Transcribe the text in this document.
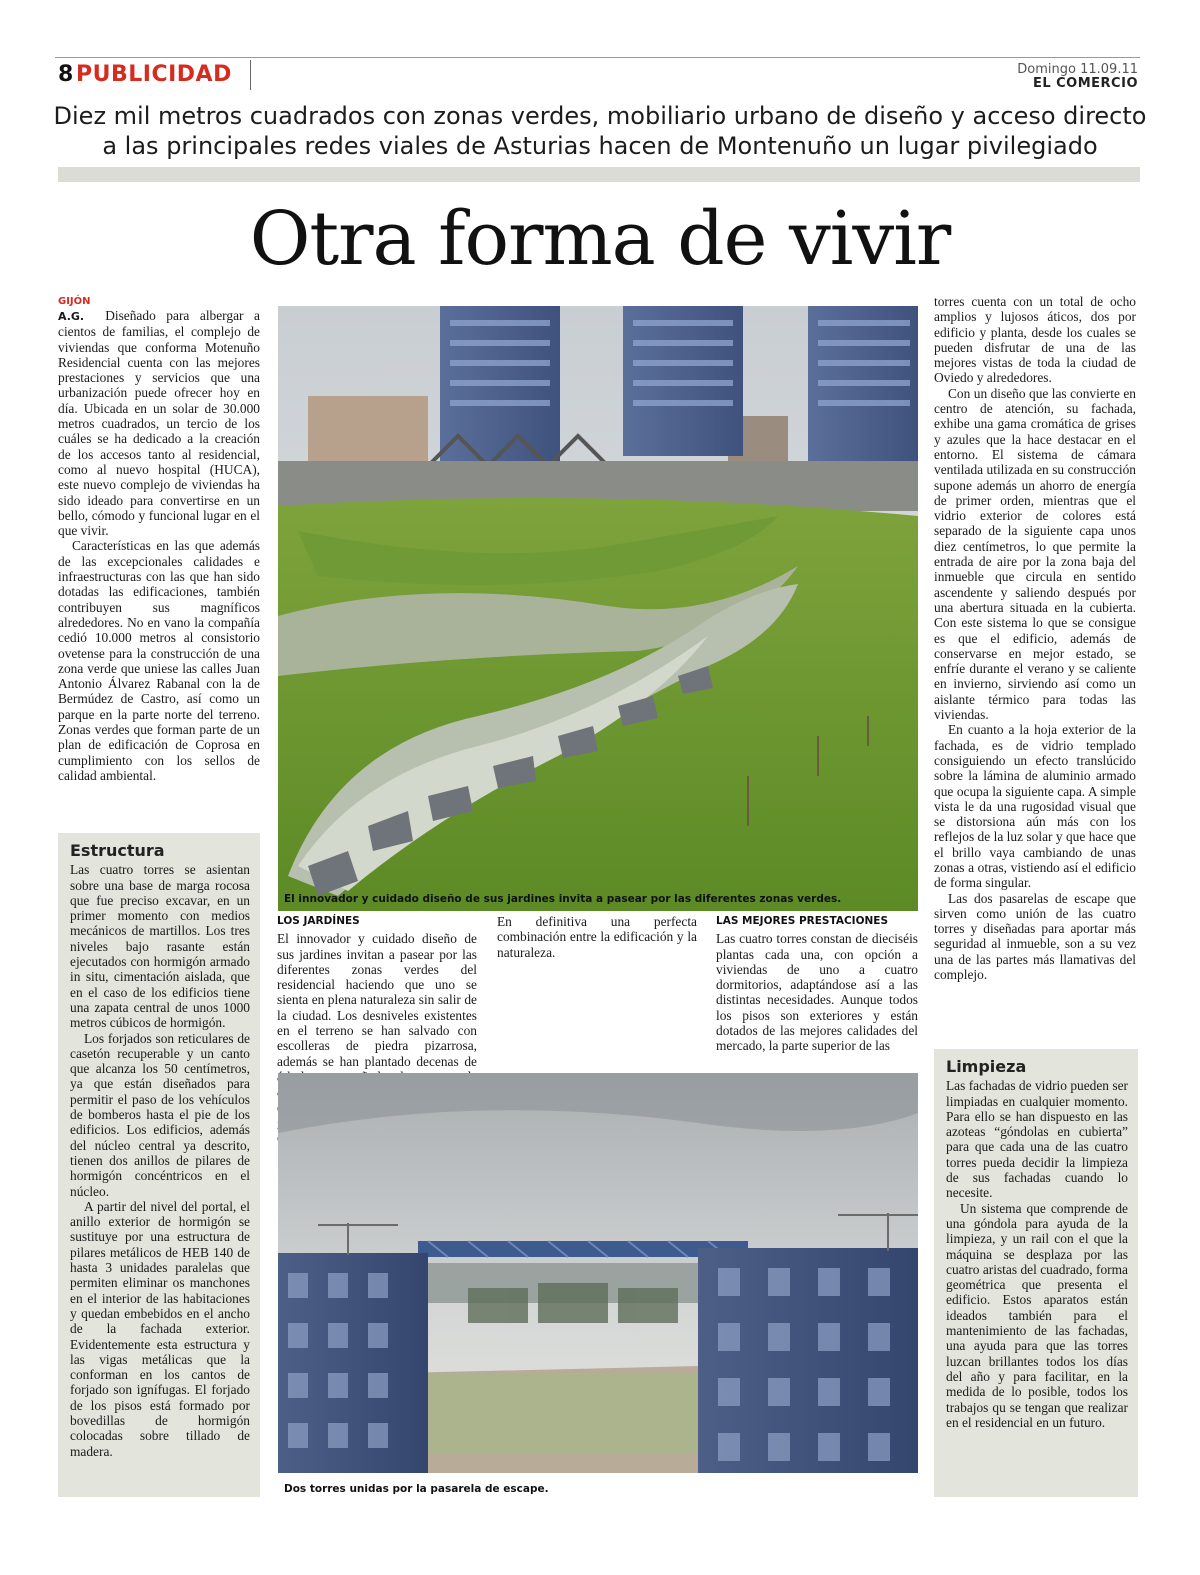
8 PUBLICIDAD	Domingo 11.09.11
EL COMERCIO
Diez mil metros cuadrados con zonas verdes, mobiliario urbano de diseño y acceso directo
a las principales redes viales de Asturias hacen de Montenuño un lugar pivilegiado
Otra forma de vivir
GIJÓN

A.G. Diseñado para albergar a cientos de familias, el complejo de viviendas que conforma Motenuño Residencial cuenta con las mejores prestaciones y servicios que una urbanización puede ofrecer hoy en día. Ubicada en un solar de 30.000 metros cuadrados, un tercio de los cuáles se ha dedicado a la creación de los accesos tanto al residencial, como al nuevo hospital (HUCA), este nuevo complejo de viviendas ha sido ideado para convertirse en un bello, cómodo y funcional lugar en el que vivir.

Características en las que además de las excepcionales calidades e infraestructuras con las que han sido dotadas las edificaciones, también contribuyen sus magníficos alrededores. No en vano la compañía cedió 10.000 metros al consistorio ovetense para la construcción de una zona verde que uniese las calles Juan Antonio Álvarez Rabanal con la de Bermúdez de Castro, así como un parque en la parte norte del terreno. Zonas verdes que forman parte de un plan de edificación de Coprosa en cumplimiento con los sellos de calidad ambiental.

Estructura

Las cuatro torres se asientan sobre una base de marga rocosa que fue preciso excavar, en un primer momento con medios mecánicos de martillos. Los tres niveles bajo rasante están ejecutados con hormigón armado in situ, cimentación aislada, que en el caso de los edificios tiene una zapata central de unos 1000 metros cúbicos de hormigón.

Los forjados son reticulares de casetón recuperable y un canto que alcanza los 50 centímetros, ya que están diseñados para permitir el paso de los vehículos de bomberos hasta el pie de los edificios. Los edificios, además del núcleo central ya descrito, tienen dos anillos de pilares de hormigón concéntricos en el núcleo.

A partir del nivel del portal, el anillo exterior de hormigón se sustituye por una estructura de pilares metálicos de HEB 140 de hasta 3 unidades paralelas que permiten eliminar os manchones en el interior de las habitaciones y quedan embebidos en el ancho de la fachada exterior. Evidentemente esta estructura y las vigas metálicas que la conforman en los cantos de forjado son ignífugas. El forjado de los pisos está formado por bovedillas de hormigón colocadas sobre tillado de madera.

El innovador y cuidado diseño de sus jardines invita a pasear por las diferentes zonas verdes.
LOS JARDÍNES

El innovador y cuidado diseño de sus jardines invitan a pasear por las diferentes zonas verdes del residencial haciendo que uno se sienta en plena naturaleza sin salir de la ciudad. Los desniveles existentes en el terreno se han salvado con escolleras de piedra pizarrosa, además se han plantado decenas de

En definitiva una perfecta combinación entre la edificación y la naturaleza.

LAS MEJORES PRESTACIONES

Las cuatro torres constan de dieciséis plantas cada una, con opción a viviendas de uno a cuatro dormitorios, adaptándose así a las distintas necesidades. Aunque todos los pisos son exteriores y están dotados de las mejores calidades del mercado, la parte superior de las

torres cuenta con un total de ocho amplios y lujosos áticos, dos por edificio y planta, desde los cuales se pueden disfrutar de una de las mejores vistas de toda la ciudad de Oviedo y alrededores.

Con un diseño que las convierte en centro de atención, su fachada, exhibe una gama cromática de grises y azules que la hace destacar en el entorno. El sistema de cámara ventilada utilizada en su construcción supone además un ahorro de energía de primer orden, mientras que el vidrio exterior de colores está separado de la siguiente capa unos diez centímetros, lo que permite la entrada de aire por la zona baja del inmueble que circula en sentido ascendente y saliendo después por una abertura situada en la cubierta. Con este sistema lo que se consigue es que el edificio, además de conservarse en mejor estado, se enfríe durante el verano y se caliente en invierno, sirviendo así como un aislante térmico para todas las viviendas.

En cuanto a la hoja exterior de la fachada, es de vidrio templado consiguiendo un efecto translúcido sobre la lámina de aluminio armado que ocupa la siguiente capa. A simple vista le da una rugosidad visual que se distorsiona aún más con los reflejos de la luz solar y que hace que el brillo vaya cambiando de unas zonas a otras, vistiendo así el edificio de forma singular.

Las dos pasarelas de escape que sirven como unión de las cuatro torres y diseñadas para aportar más seguridad al inmueble, son a su vez una de las partes más llamativas del complejo.

Limpieza

Las fachadas de vidrio pueden ser limpiadas en cualquier momento. Para ello se han dispuesto en las azoteas “góndolas en cubierta” para que cada una de las cuatro torres pueda decidir la limpieza de sus fachadas cuando lo necesite.

Un sistema que comprende de una góndola para ayuda de la limpieza, y un rail con el que la máquina se desplaza por las cuatro aristas del cuadrado, forma geométrica que presenta el edificio. Estos aparatos están ideados también para el mantenimiento de las fachadas, una ayuda para que las torres luzcan brillantes todos los días del año y para facilitar, en la medida de lo posible, todos los trabajos qu se tengan que realizar en el residencial en un futuro.

Dos torres unidas por la pasarela de escape.
